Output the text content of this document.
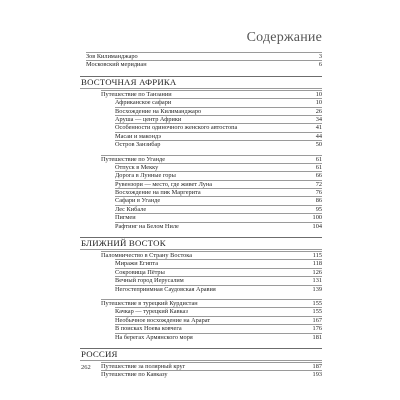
Содержание
Зов Килиманджаро	3
Московский меридиан	6
ВОСТОЧНАЯ АФРИКА
Путешествие по Танзании	10
Африканское сафари	10
Восхождение на Килиманджаро	26
Аруша — центр Африки	34
Особенности одиночного женского автостопа	41
Масаи и макондэ	44
Остров Занзибар	50
Путешествие по Уганде	61
Отпуск в Мекку	61
Дорога в Лунные горы	66
Рувензори — место, где живет Луна	72
Восхождение на пик Маргерита	76
Сафари в Уганде	86
Лес Кибале	95
Пигмеи	100
Рафтинг на Белом Ниле	104
БЛИЖНИЙ ВОСТОК
Паломничество в Страну Востока	115
Миражи Египта	118
Сокровища Пётры	126
Вечный город Иерусалим	131
Негостеприимная Саудовская Аравия	139
Путешествие в турецкий Курдистан	155
Качкар — турецкий Кавказ	155
Необычное восхождение на Арарат	167
В поисках Ноева ковчега	176
На берегах Армянского моря	181
РОССИЯ
Путешествие за полярный круг	187
Путешествие по Кавказу	193
262
